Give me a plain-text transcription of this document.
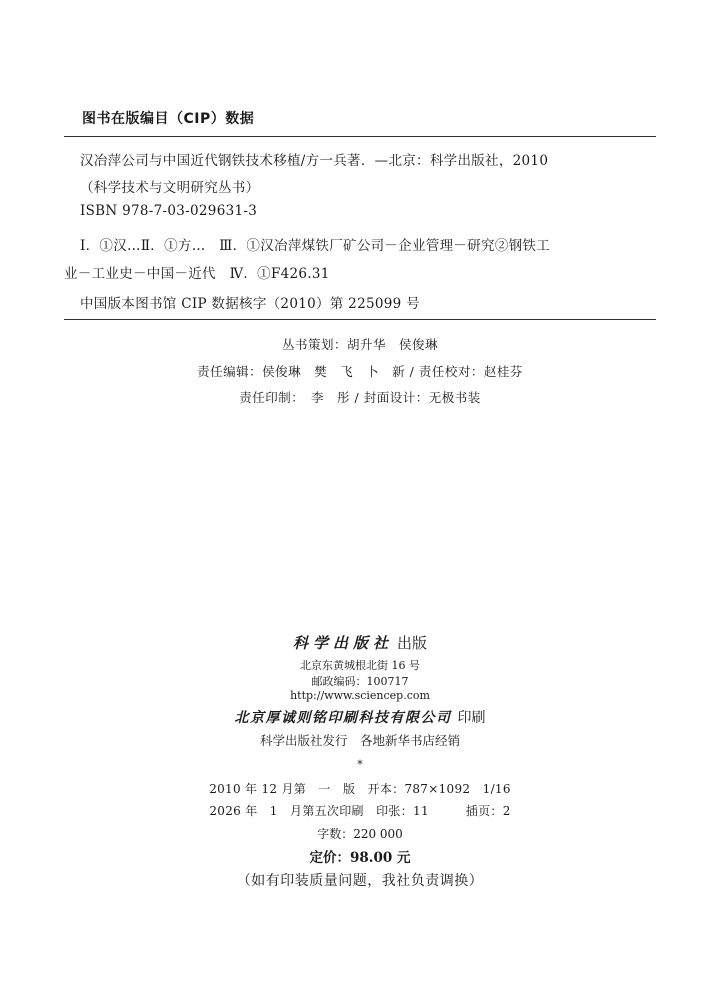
图书在版编目（CIP）数据
汉冶萍公司与中国近代钢铁技术移植/方一兵著．—北京：科学出版社，2010
（科学技术与文明研究丛书）
ISBN 978-7-03-029631-3
Ⅰ．①汉…Ⅱ．①方…　Ⅲ．①汉冶萍煤铁厂矿公司－企业管理－研究②钢铁工
业－工业史－中国－近代　Ⅳ．①F426.31
中国版本图书馆 CIP 数据核字（2010）第 225099 号
丛书策划：胡升华　侯俊琳
责任编辑：侯俊琳　樊　飞　卜　新 / 责任校对：赵桂芬
责任印制：　李　彤 / 封面设计：无极书装
科学出版社 出版
北京东黄城根北街 16 号
邮政编码：100717
http://www.sciencep.com
北京厚诚则铭印刷科技有限公司 印刷
科学出版社发行　各地新华书店经销
*
2010 年 12 月第　一　版　开本：787×1092　1/16
2026 年　1　月第五次印刷　印张：11　　　插页：2
字数：220 000
定价：98.00 元
（如有印装质量问题，我社负责调换）
